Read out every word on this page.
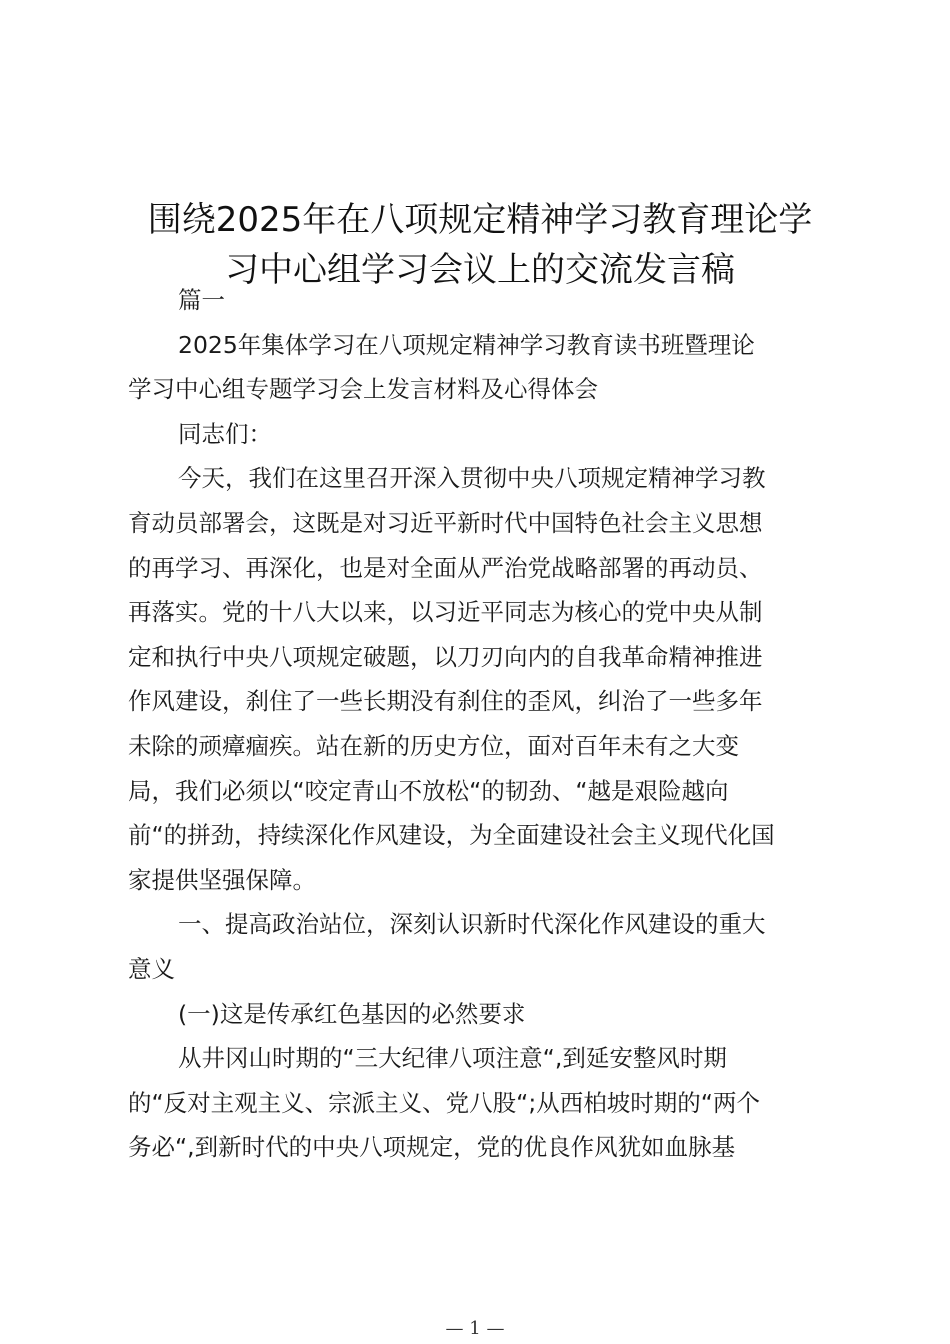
围绕2025年在八项规定精神学习教育理论学
习中心组学习会议上的交流发言稿
篇一
2025年集体学习在八项规定精神学习教育读书班暨理论
学习中心组专题学习会上发言材料及心得体会
同志们：
今天，我们在这里召开深入贯彻中央八项规定精神学习教
育动员部署会，这既是对习近平新时代中国特色社会主义思想
的再学习、再深化，也是对全面从严治党战略部署的再动员、
再落实。党的十八大以来，以习近平同志为核心的党中央从制
定和执行中央八项规定破题，以刀刃向内的自我革命精神推进
作风建设，刹住了一些长期没有刹住的歪风，纠治了一些多年
未除的顽瘴痼疾。站在新的历史方位，面对百年未有之大变
局，我们必须以“咬定青山不放松“的韧劲、“越是艰险越向
前“的拼劲，持续深化作风建设，为全面建设社会主义现代化国
家提供坚强保障。
一、提高政治站位，深刻认识新时代深化作风建设的重大
意义
(一)这是传承红色基因的必然要求
从井冈山时期的“三大纪律八项注意“,到延安整风时期
的“反对主观主义、宗派主义、党八股“;从西柏坡时期的“两个
务必“,到新时代的中央八项规定，党的优良作风犹如血脉基
— 1 —
